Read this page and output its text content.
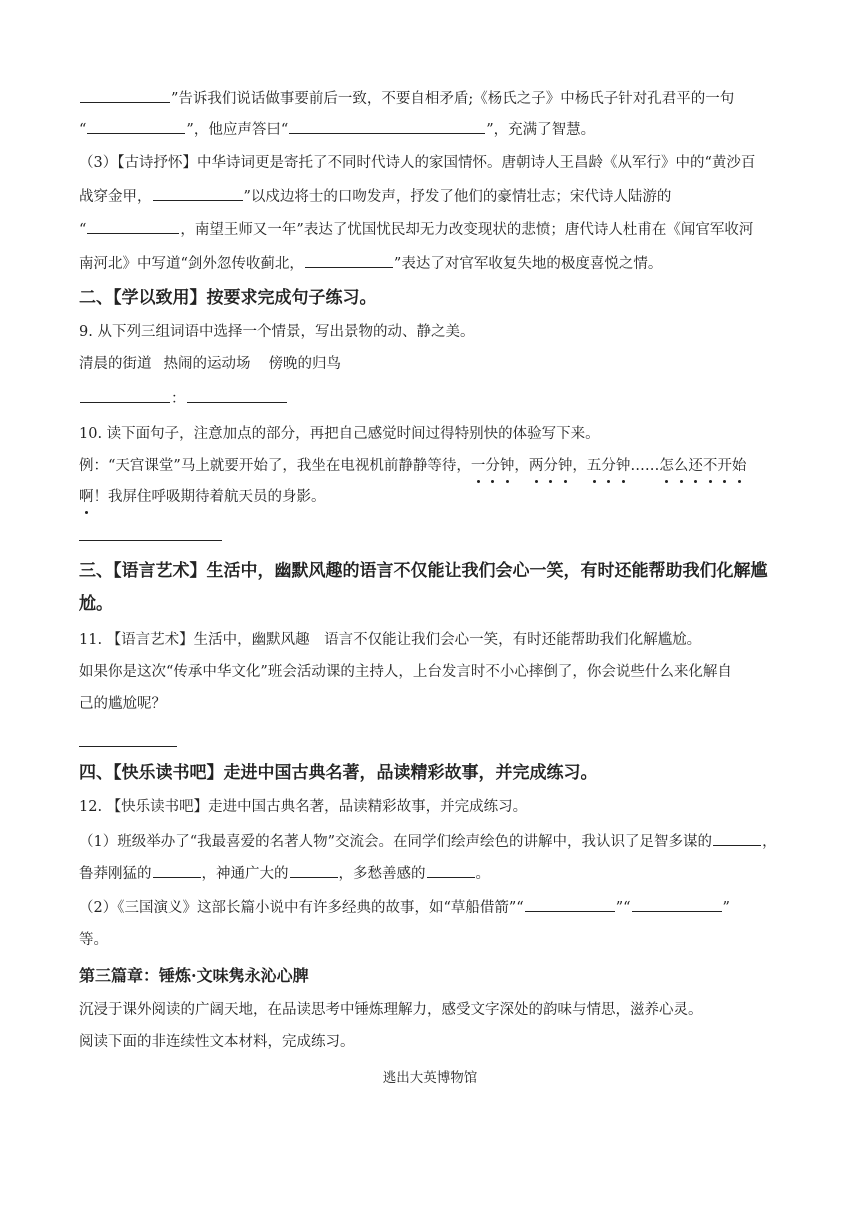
”告诉我们说话做事要前后一致，不要自相矛盾;《杨氏之子》中杨氏子针对孔君平的一句
“	”，他应声答曰“	”，充满了智慧。
（3）【古诗抒怀】中华诗词更是寄托了不同时代诗人的家国情怀。唐朝诗人王昌龄《从军行》中的“黄沙百
战穿金甲，	”以戍边将士的口吻发声，抒发了他们的豪情壮志；宋代诗人陆游的
“	，南望王师又一年”表达了忧国忧民却无力改变现状的悲愤；唐代诗人杜甫在《闻官军收河
南河北》中写道“剑外忽传收蓟北，	”表达了对官军收复失地的极度喜悦之情。
二、【学以致用】按要求完成句子练习。
9. 从下列三组词语中选择一个情景，写出景物的动、静之美。
清晨的街道 热闹的运动场 傍晚的归鸟
：
10. 读下面句子，注意加点的部分，再把自己感觉时间过得特别快的体验写下来。
例：“天宫课堂”马上就要开始了，我坐在电视机前静静等待，一分钟，两分钟，五分钟……怎么还不开始
啊！我屏住呼吸期待着航天员的身影。
三、【语言艺术】生活中，幽默风趣的语言不仅能让我们会心一笑，有时还能帮助我们化解尴
尬。
11. 【语言艺术】生活中，幽默风趣　语言不仅能让我们会心一笑，有时还能帮助我们化解尴尬。
如果你是这次“传承中华文化”班会活动课的主持人，上台发言时不小心摔倒了，你会说些什么来化解自
己的尴尬呢？
四、【快乐读书吧】走进中国古典名著，品读精彩故事，并完成练习。
12. 【快乐读书吧】走进中国古典名著，品读精彩故事，并完成练习。
（1）班级举办了“我最喜爱的名著人物”交流会。在同学们绘声绘色的讲解中，我认识了足智多谋的	，
鲁莽刚猛的	，神通广大的	，多愁善感的	。
（2）《三国演义》这部长篇小说中有许多经典的故事，如“草船借箭”“	”“	”
等。
第三篇章：锤炼·文味隽永沁心脾
沉浸于课外阅读的广阔天地，在品读思考中锤炼理解力，感受文字深处的韵味与情思，滋养心灵。
阅读下面的非连续性文本材料，完成练习。
逃出大英博物馆
